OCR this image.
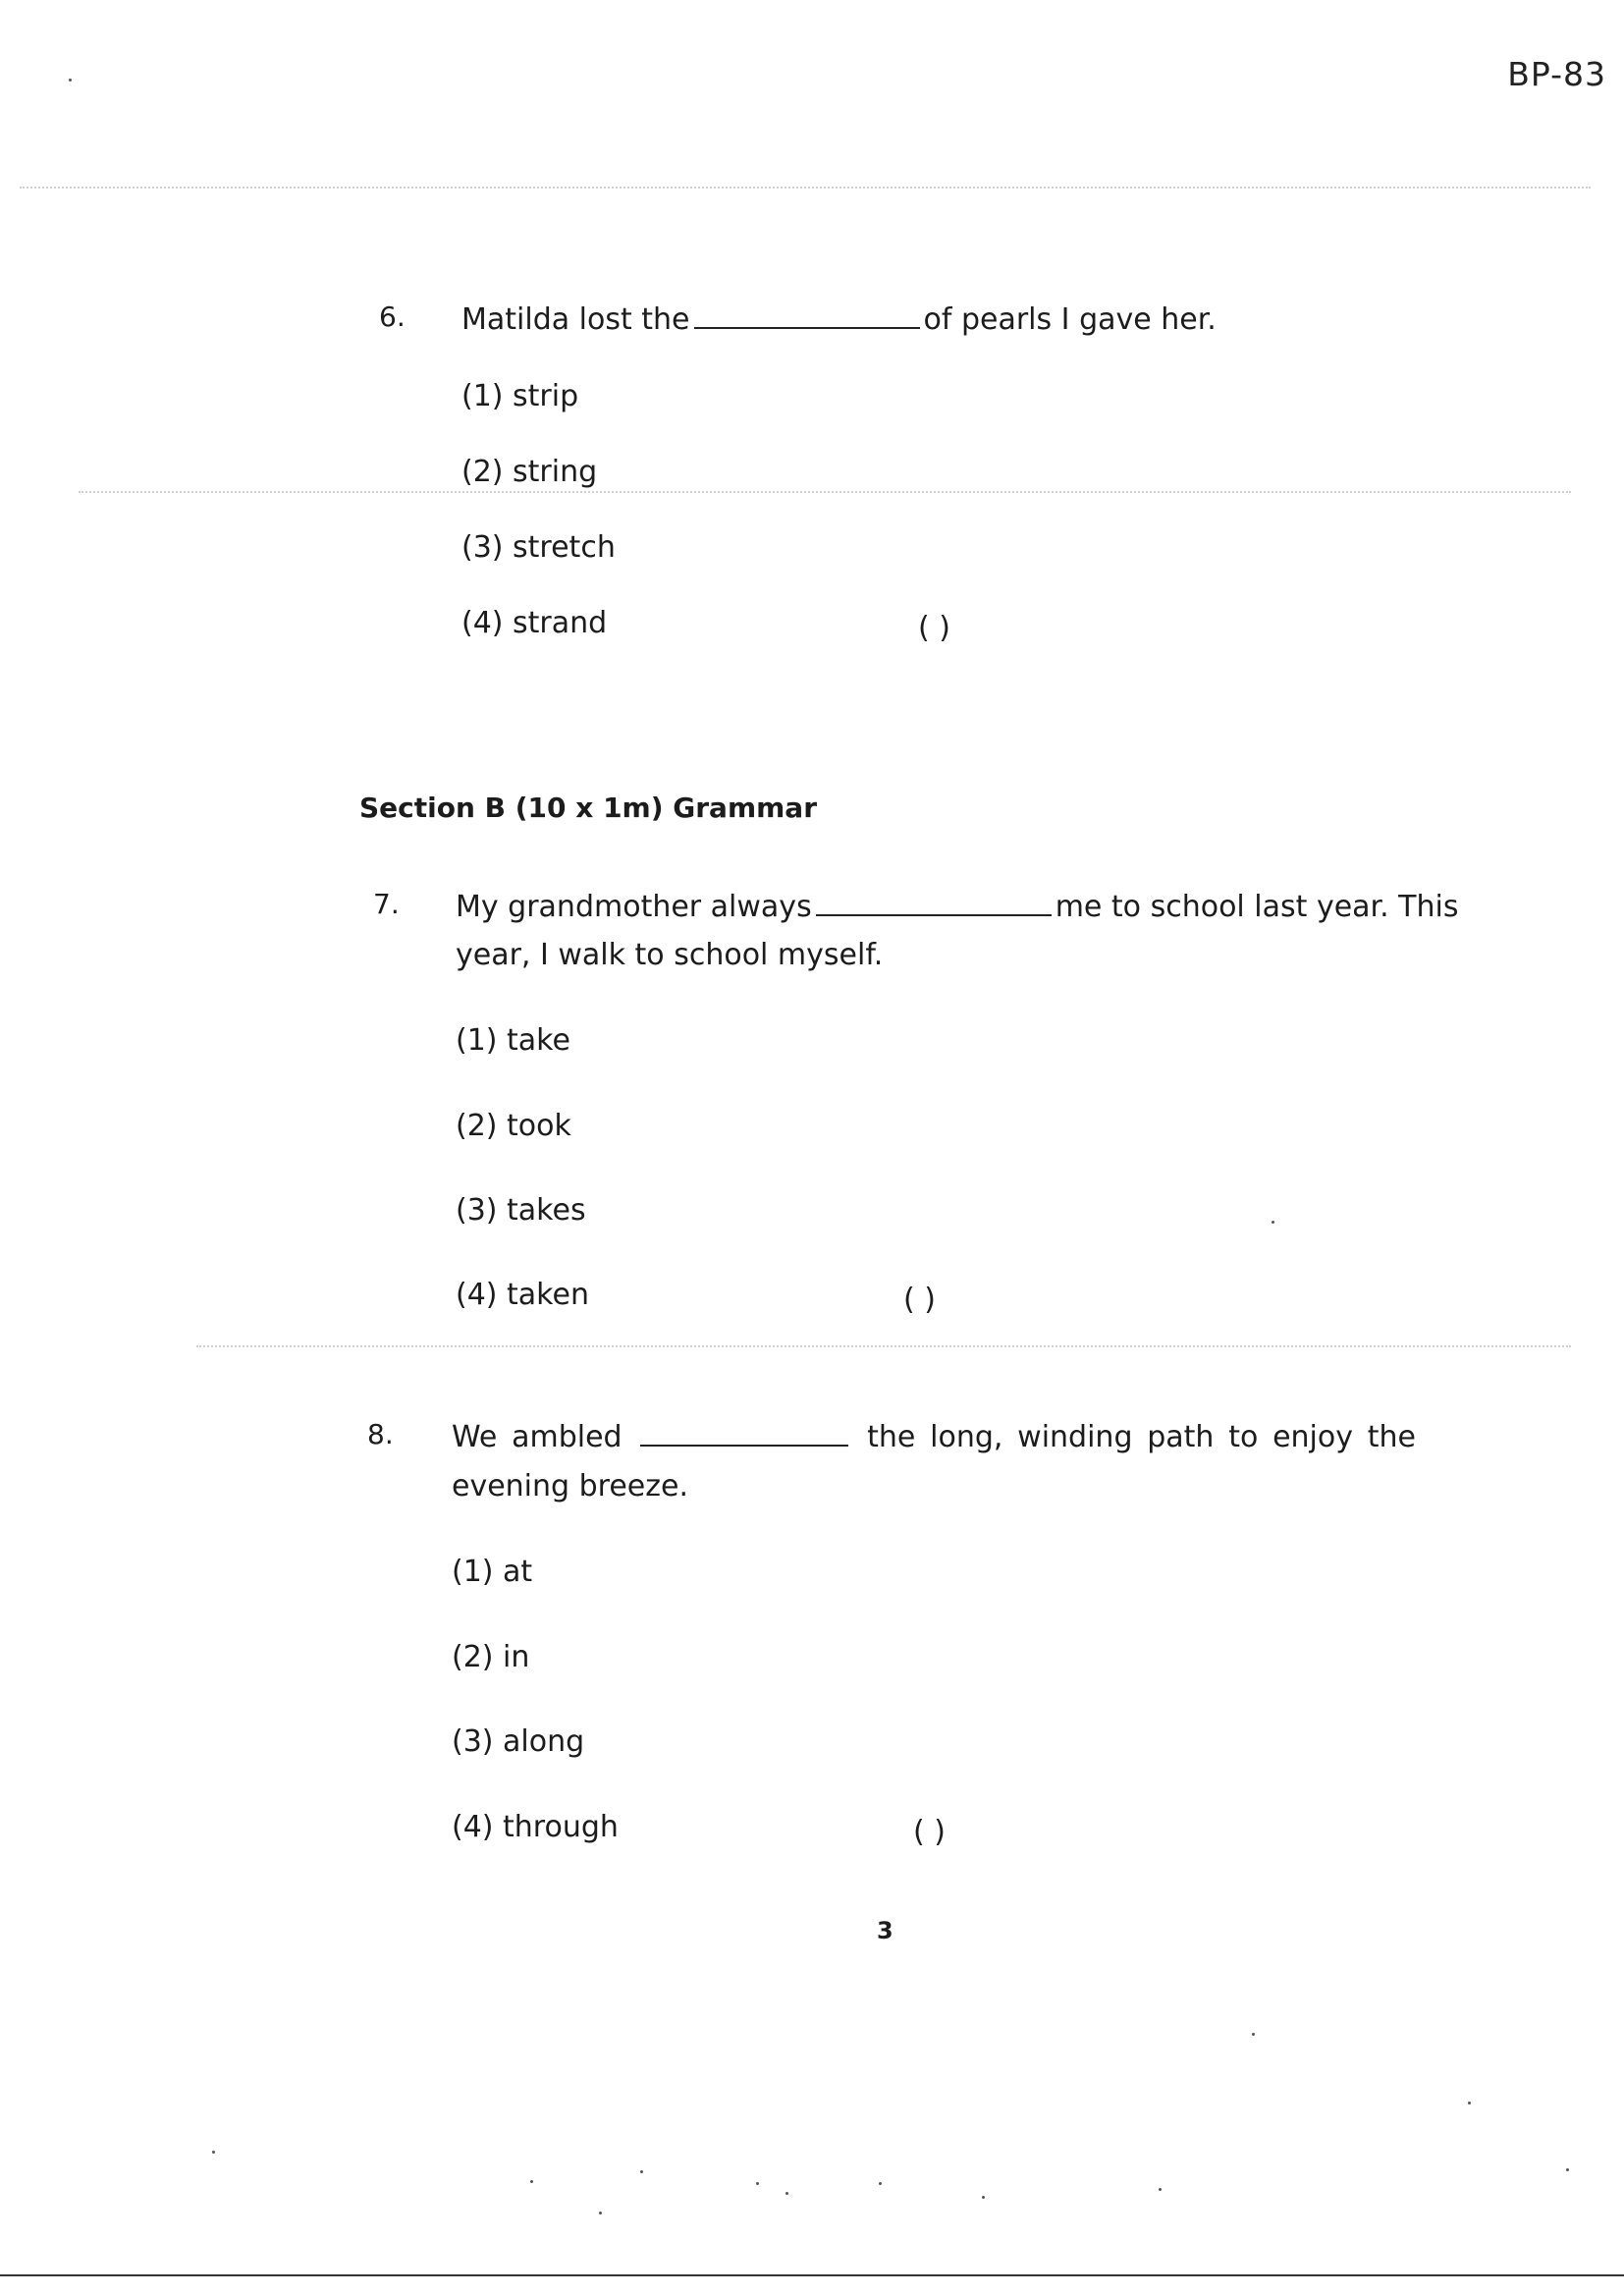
BP-83
6. Matilda lost the	of pearls I gave her.
(1) strip
(2) string
(3) stretch
(4) strand	( )
Section B (10 x 1m) Grammar
7. My grandmother always	me to school last year. This
year, I walk to school myself.
(1) take
(2) took
(3) takes
(4) taken	( )
8. We ambled	the long, winding path to enjoy the
evening breeze.
(1) at
(2) in
(3) along
(4) through	( )
3
